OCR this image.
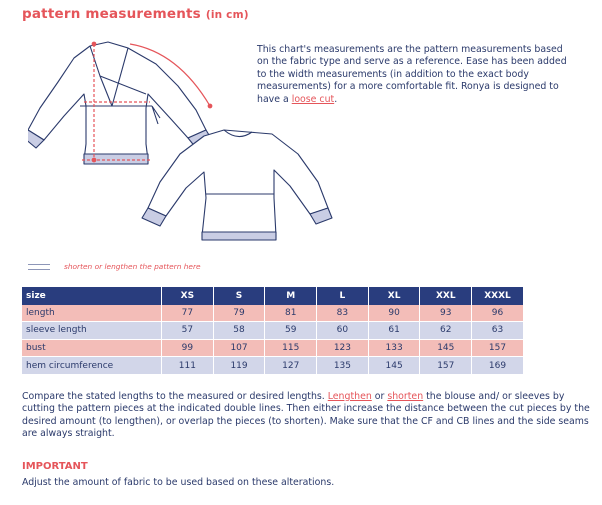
pattern measurements (in cm)
This chart's measurements are the pattern measurements based on the fabric type and serve as a reference. Ease has been added to the width measurements (in addition to the exact body measurements) for a more comfortable fit. Ronya is designed to have a loose cut.
shorten or lengthen the pattern here
size	XS	S	M	L	XL	XXL	XXXL
length	77	79	81	83	90	93	96
sleeve length	57	58	59	60	61	62	63
bust	99	107	115	123	133	145	157
hem circumference	111	119	127	135	145	157	169
Compare the stated lengths to the measured or desired lengths. Lengthen or shorten the blouse and/ or sleeves by cutting the pattern pieces at the indicated double lines. Then either increase the distance between the cut pieces by the desired amount (to lengthen), or overlap the pieces (to shorten). Make sure that the CF and CB lines and the side seams are always straight.
IMPORTANT
Adjust the amount of fabric to be used based on these alterations.
